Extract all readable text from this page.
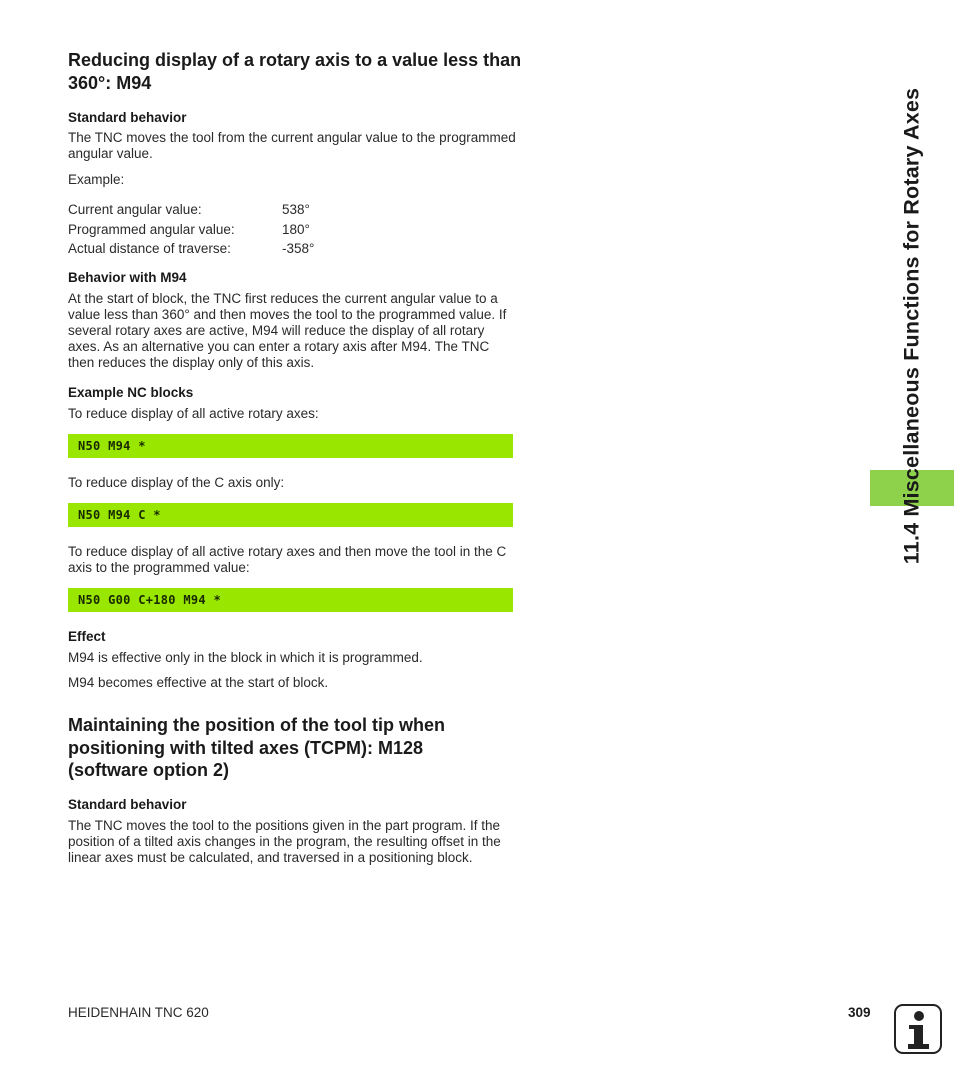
Reducing display of a rotary axis to a value less than 360°: M94
Standard behavior

The TNC moves the tool from the current angular value to the programmed angular value.

Example:

Current angular value:	538°
Programmed angular value:	180°
Actual distance of traverse:	-358°
Behavior with M94

At the start of block, the TNC first reduces the current angular value to a value less than 360° and then moves the tool to the programmed value. If several rotary axes are active, M94 will reduce the display of all rotary axes. As an alternative you can enter a rotary axis after M94. The TNC then reduces the display only of this axis.

Example NC blocks

To reduce display of all active rotary axes:

N50 M94 *

To reduce display of the C axis only:

N50 M94 C *

To reduce display of all active rotary axes and then move the tool in the C axis to the programmed value:

N50 G00 C+180 M94 *
Effect

M94 is effective only in the block in which it is programmed.

M94 becomes effective at the start of block.

Maintaining the position of the tool tip when positioning with tilted axes (TCPM): M128 (software option 2)
Standard behavior

The TNC moves the tool to the positions given in the part program. If the position of a tilted axis changes in the program, the resulting offset in the linear axes must be calculated, and traversed in a positioning block.

11.4 Miscellaneous Functions for Rotary Axes
HEIDENHAIN TNC 620	309
